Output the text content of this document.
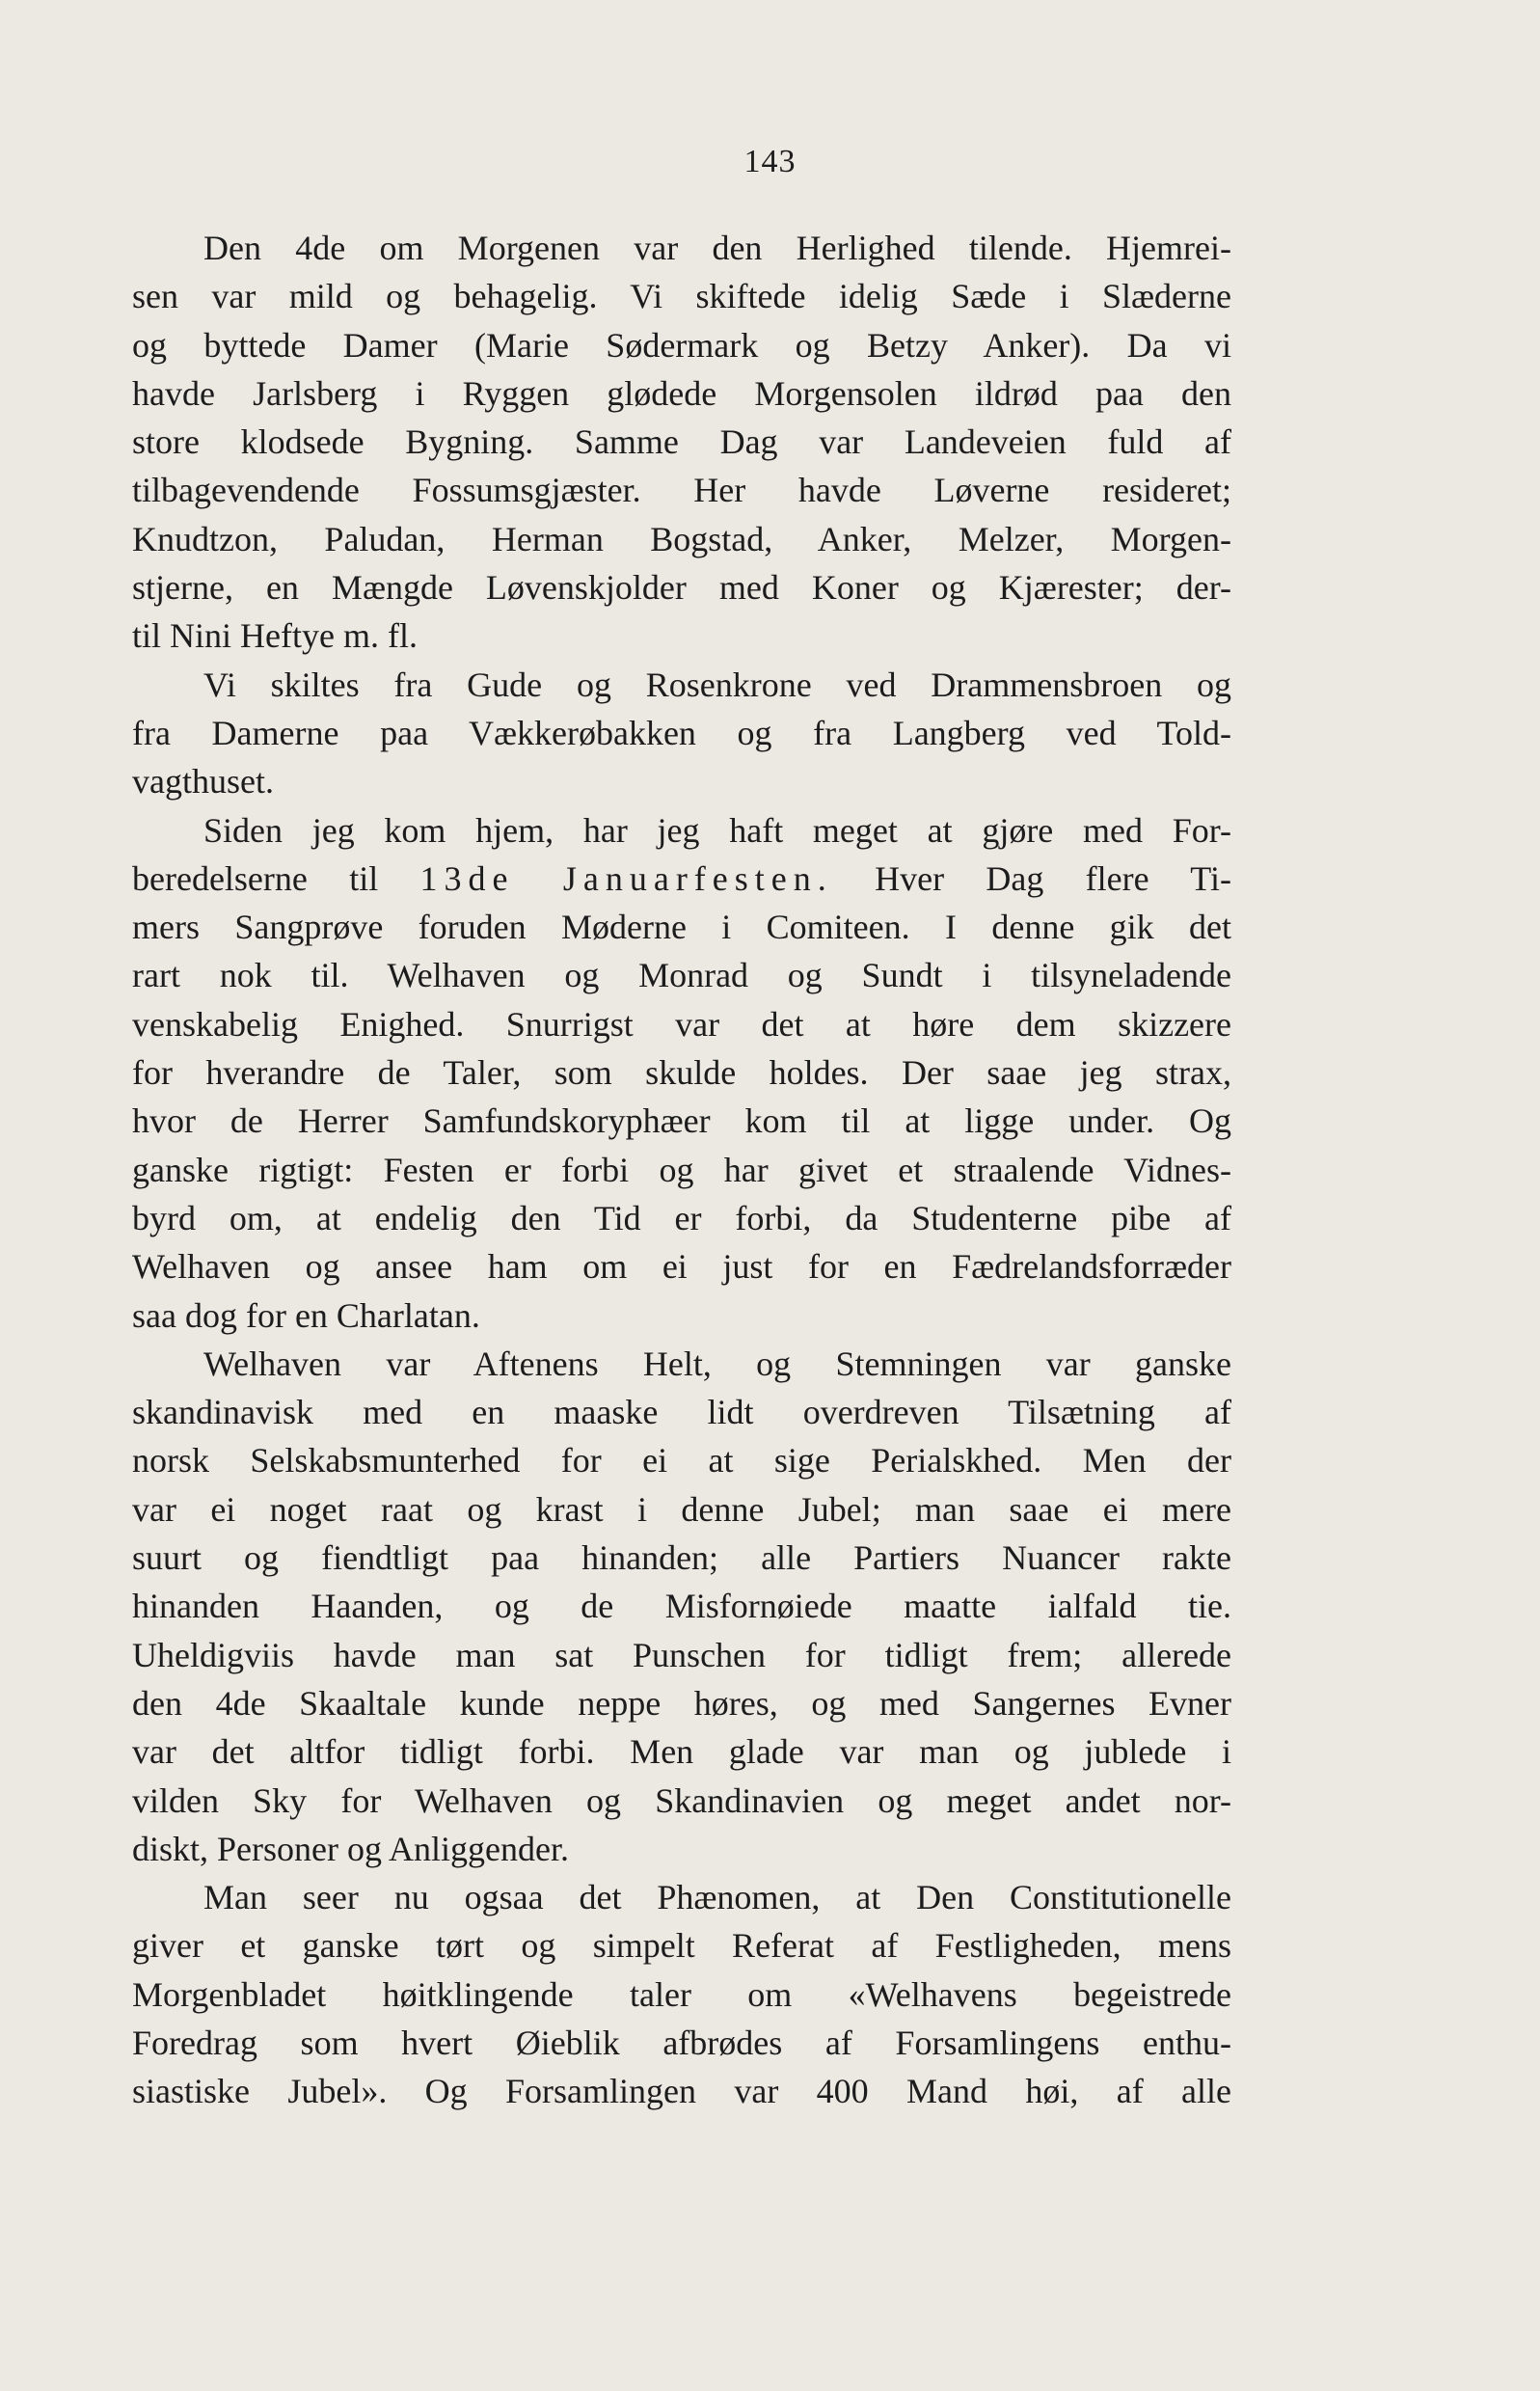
143
Den 4de om Morgenen var den Herlighed tilende. Hjemrei-
sen var mild og behagelig. Vi skiftede idelig Sæde i Slæderne
og byttede Damer (Marie Sødermark og Betzy Anker). Da vi
havde Jarlsberg i Ryggen glødede Morgensolen ildrød paa den
store klodsede Bygning. Samme Dag var Landeveien fuld af
tilbagevendende Fossumsgjæster. Her havde Løverne resideret;
Knudtzon, Paludan, Herman Bogstad, Anker, Melzer, Morgen-
stjerne, en Mængde Løvenskjolder med Koner og Kjærester; der-
til Nini Heftye m. fl.
Vi skiltes fra Gude og Rosenkrone ved Drammensbroen og
fra Damerne paa Vækkerøbakken og fra Langberg ved Told-
vagthuset.
Siden jeg kom hjem, har jeg haft meget at gjøre med For-
beredelserne til 13de Januarfesten. Hver Dag flere Ti-
mers Sangprøve foruden Møderne i Comiteen. I denne gik det
rart nok til. Welhaven og Monrad og Sundt i tilsyneladende
venskabelig Enighed. Snurrigst var det at høre dem skizzere
for hverandre de Taler, som skulde holdes. Der saae jeg strax,
hvor de Herrer Samfundskoryphæer kom til at ligge under. Og
ganske rigtigt: Festen er forbi og har givet et straalende Vidnes-
byrd om, at endelig den Tid er forbi, da Studenterne pibe af
Welhaven og ansee ham om ei just for en Fædrelandsforræder
saa dog for en Charlatan.
Welhaven var Aftenens Helt, og Stemningen var ganske
skandinavisk med en maaske lidt overdreven Tilsætning af
norsk Selskabsmunterhed for ei at sige Perialskhed. Men der
var ei noget raat og krast i denne Jubel; man saae ei mere
suurt og fiendtligt paa hinanden; alle Partiers Nuancer rakte
hinanden Haanden, og de Misfornøiede maatte ialfald tie.
Uheldigviis havde man sat Punschen for tidligt frem; allerede
den 4de Skaaltale kunde neppe høres, og med Sangernes Evner
var det altfor tidligt forbi. Men glade var man og jublede i
vilden Sky for Welhaven og Skandinavien og meget andet nor-
diskt, Personer og Anliggender.
Man seer nu ogsaa det Phænomen, at Den Constitutionelle
giver et ganske tørt og simpelt Referat af Festligheden, mens
Morgenbladet høitklingende taler om «Welhavens begeistrede
Foredrag som hvert Øieblik afbrødes af Forsamlingens enthu-
siastiske Jubel». Og Forsamlingen var 400 Mand høi, af alle
